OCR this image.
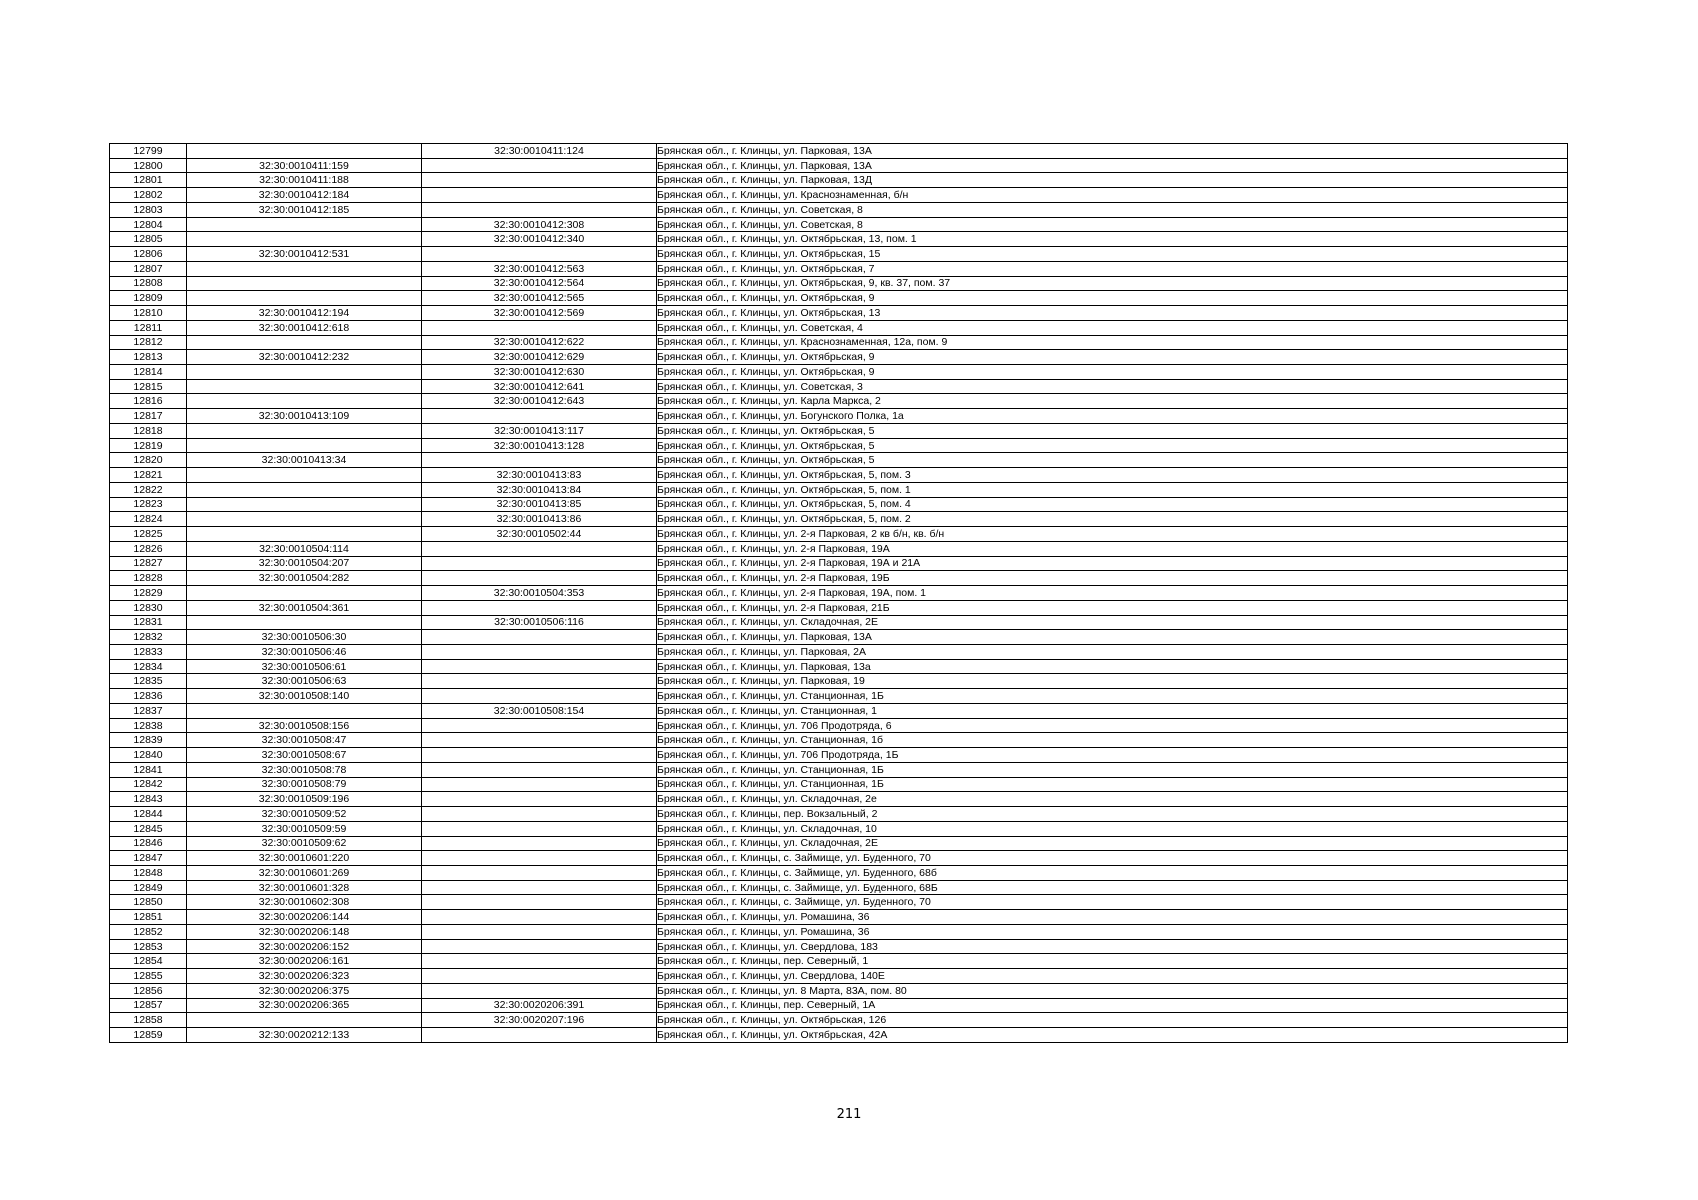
12799		32:30:0010411:124	Брянская обл., г. Клинцы, ул. Парковая, 13А
12800	32:30:0010411:159		Брянская обл., г. Клинцы, ул. Парковая, 13А
12801	32:30:0010411:188		Брянская обл., г. Клинцы, ул. Парковая, 13Д
12802	32:30:0010412:184		Брянская обл., г. Клинцы, ул. Краснознаменная, б/н
12803	32:30:0010412:185		Брянская обл., г. Клинцы, ул. Советская, 8
12804		32:30:0010412:308	Брянская обл., г. Клинцы, ул. Советская, 8
12805		32:30:0010412:340	Брянская обл., г. Клинцы, ул. Октябрьская, 13, пом. 1
12806	32:30:0010412:531		Брянская обл., г. Клинцы, ул. Октябрьская, 15
12807		32:30:0010412:563	Брянская обл., г. Клинцы, ул. Октябрьская, 7
12808		32:30:0010412:564	Брянская обл., г. Клинцы, ул. Октябрьская, 9, кв. 37, пом. 37
12809		32:30:0010412:565	Брянская обл., г. Клинцы, ул. Октябрьская, 9
12810	32:30:0010412:194	32:30:0010412:569	Брянская обл., г. Клинцы, ул. Октябрьская, 13
12811	32:30:0010412:618		Брянская обл., г. Клинцы, ул. Советская, 4
12812		32:30:0010412:622	Брянская обл., г. Клинцы, ул. Краснознаменная, 12а, пом. 9
12813	32:30:0010412:232	32:30:0010412:629	Брянская обл., г. Клинцы, ул. Октябрьская, 9
12814		32:30:0010412:630	Брянская обл., г. Клинцы, ул. Октябрьская, 9
12815		32:30:0010412:641	Брянская обл., г. Клинцы, ул. Советская, 3
12816		32:30:0010412:643	Брянская обл., г. Клинцы, ул. Карла Маркса, 2
12817	32:30:0010413:109		Брянская обл., г. Клинцы, ул. Богунского Полка, 1а
12818		32:30:0010413:117	Брянская обл., г. Клинцы, ул. Октябрьская, 5
12819		32:30:0010413:128	Брянская обл., г. Клинцы, ул. Октябрьская, 5
12820	32:30:0010413:34		Брянская обл., г. Клинцы, ул. Октябрьская, 5
12821		32:30:0010413:83	Брянская обл., г. Клинцы, ул. Октябрьская, 5, пом. 3
12822		32:30:0010413:84	Брянская обл., г. Клинцы, ул. Октябрьская, 5, пом. 1
12823		32:30:0010413:85	Брянская обл., г. Клинцы, ул. Октябрьская, 5, пом. 4
12824		32:30:0010413:86	Брянская обл., г. Клинцы, ул. Октябрьская, 5, пом. 2
12825		32:30:0010502:44	Брянская обл., г. Клинцы, ул. 2-я Парковая, 2 кв б/н, кв. б/н
12826	32:30:0010504:114		Брянская обл., г. Клинцы, ул. 2-я Парковая, 19А
12827	32:30:0010504:207		Брянская обл., г. Клинцы, ул. 2-я Парковая, 19А и 21А
12828	32:30:0010504:282		Брянская обл., г. Клинцы, ул. 2-я Парковая, 19Б
12829		32:30:0010504:353	Брянская обл., г. Клинцы, ул. 2-я Парковая, 19А, пом. 1
12830	32:30:0010504:361		Брянская обл., г. Клинцы, ул. 2-я Парковая, 21Б
12831		32:30:0010506:116	Брянская обл., г. Клинцы, ул. Складочная, 2Е
12832	32:30:0010506:30		Брянская обл., г. Клинцы, ул. Парковая, 13А
12833	32:30:0010506:46		Брянская обл., г. Клинцы, ул. Парковая, 2А
12834	32:30:0010506:61		Брянская обл., г. Клинцы, ул. Парковая, 13а
12835	32:30:0010506:63		Брянская обл., г. Клинцы, ул. Парковая, 19
12836	32:30:0010508:140		Брянская обл., г. Клинцы, ул. Станционная, 1Б
12837		32:30:0010508:154	Брянская обл., г. Клинцы, ул. Станционная, 1
12838	32:30:0010508:156		Брянская обл., г. Клинцы, ул. 706 Продотряда, 6
12839	32:30:0010508:47		Брянская обл., г. Клинцы, ул. Станционная, 1б
12840	32:30:0010508:67		Брянская обл., г. Клинцы, ул. 706 Продотряда, 1Б
12841	32:30:0010508:78		Брянская обл., г. Клинцы, ул. Станционная, 1Б
12842	32:30:0010508:79		Брянская обл., г. Клинцы, ул. Станционная, 1Б
12843	32:30:0010509:196		Брянская обл., г. Клинцы, ул. Складочная, 2е
12844	32:30:0010509:52		Брянская обл., г. Клинцы, пер. Вокзальный, 2
12845	32:30:0010509:59		Брянская обл., г. Клинцы, ул. Складочная, 10
12846	32:30:0010509:62		Брянская обл., г. Клинцы, ул. Складочная, 2Е
12847	32:30:0010601:220		Брянская обл., г. Клинцы, с. Займище, ул. Буденного, 70
12848	32:30:0010601:269		Брянская обл., г. Клинцы, с. Займище, ул. Буденного, 68б
12849	32:30:0010601:328		Брянская обл., г. Клинцы, с. Займище, ул. Буденного, 68Б
12850	32:30:0010602:308		Брянская обл., г. Клинцы, с. Займище, ул. Буденного, 70
12851	32:30:0020206:144		Брянская обл., г. Клинцы, ул. Ромашина, 36
12852	32:30:0020206:148		Брянская обл., г. Клинцы, ул. Ромашина, 36
12853	32:30:0020206:152		Брянская обл., г. Клинцы, ул. Свердлова, 183
12854	32:30:0020206:161		Брянская обл., г. Клинцы, пер. Северный, 1
12855	32:30:0020206:323		Брянская обл., г. Клинцы, ул. Свердлова, 140Е
12856	32:30:0020206:375		Брянская обл., г. Клинцы, ул. 8 Марта, 83А, пом. 80
12857	32:30:0020206:365	32:30:0020206:391	Брянская обл., г. Клинцы, пер. Северный, 1А
12858		32:30:0020207:196	Брянская обл., г. Клинцы, ул. Октябрьская, 126
12859	32:30:0020212:133		Брянская обл., г. Клинцы, ул. Октябрьская, 42А
211
